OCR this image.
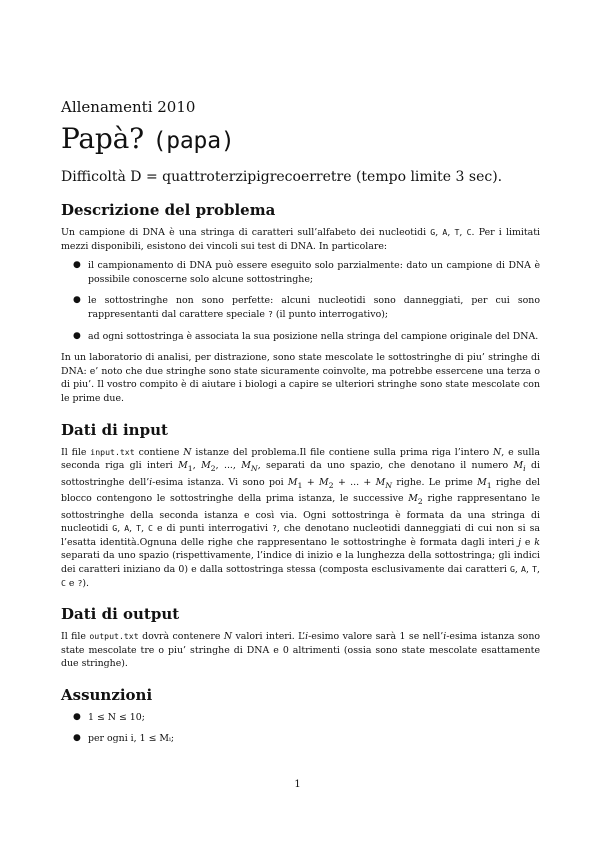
Allenamenti 2010

Papà? (papa)

Difficoltà D = quattroterzipigrecoerretre (tempo limite 3 sec).

Descrizione del problema

Un campione di DNA è una stringa di caratteri sull’alfabeto dei nucleotidi G, A, T, C. Per i limitati mezzi disponibili, esistono dei vincoli sui test di DNA. In particolare:

● il campionamento di DNA può essere eseguito solo parzialmente: dato un campione di DNA è possibile conoscerne solo alcune sottostringhe;
● le sottostringhe non sono perfette: alcuni nucleotidi sono danneggiati, per cui sono rappresentanti dal carattere speciale ? (il punto interrogativo);
● ad ogni sottostringa è associata la sua posizione nella stringa del campione originale del DNA.

In un laboratorio di analisi, per distrazione, sono state mescolate le sottostringhe di piu’ stringhe di DNA: e’ noto che due stringhe sono state sicuramente coinvolte, ma potrebbe essercene una terza o di piu’. Il vostro compito è di aiutare i biologi a capire se ulteriori stringhe sono state mescolate con le prime due.

Dati di input

Il file input.txt contiene N istanze del problema.Il file contiene sulla prima riga l’intero N, e sulla seconda riga gli interi $M_1$, $M_2$, ..., $M_N$, separati da uno spazio, che denotano il numero $M_i$ di sottostringhe dell’i-esima istanza. Vi sono poi $M_1 + M_2$ + ... + $M_N$ righe. Le prime $M_1$ righe del blocco contengono le sottostringhe della prima istanza, le successive $M_2$ righe rappresentano le sottostringhe della seconda istanza e così via. Ogni sottostringa è formata da una stringa di nucleotidi G, A, T, C e di punti interrogativi ?, che denotano nucleotidi danneggiati di cui non si sa l’esatta identità.Ognuna delle righe che rappresentano le sottostringhe è formata dagli interi j e k separati da uno spazio (rispettivamente, l’indice di inizio e la lunghezza della sottostringa; gli indici dei caratteri iniziano da 0) e dalla sottostringa stessa (composta esclusivamente dai caratteri G, A, T, C e ?).

Dati di output

Il file output.txt dovrà contenere N valori interi. L’i-esimo valore sarà 1 se nell’i-esima istanza sono state mescolate tre o piu’ stringhe di DNA e 0 altrimenti (ossia sono state mescolate esattamente due stringhe).

Assunzioni
● 1 ≤ N ≤ 10;
● per ogni i, 1 ≤ Mᵢ;
1
